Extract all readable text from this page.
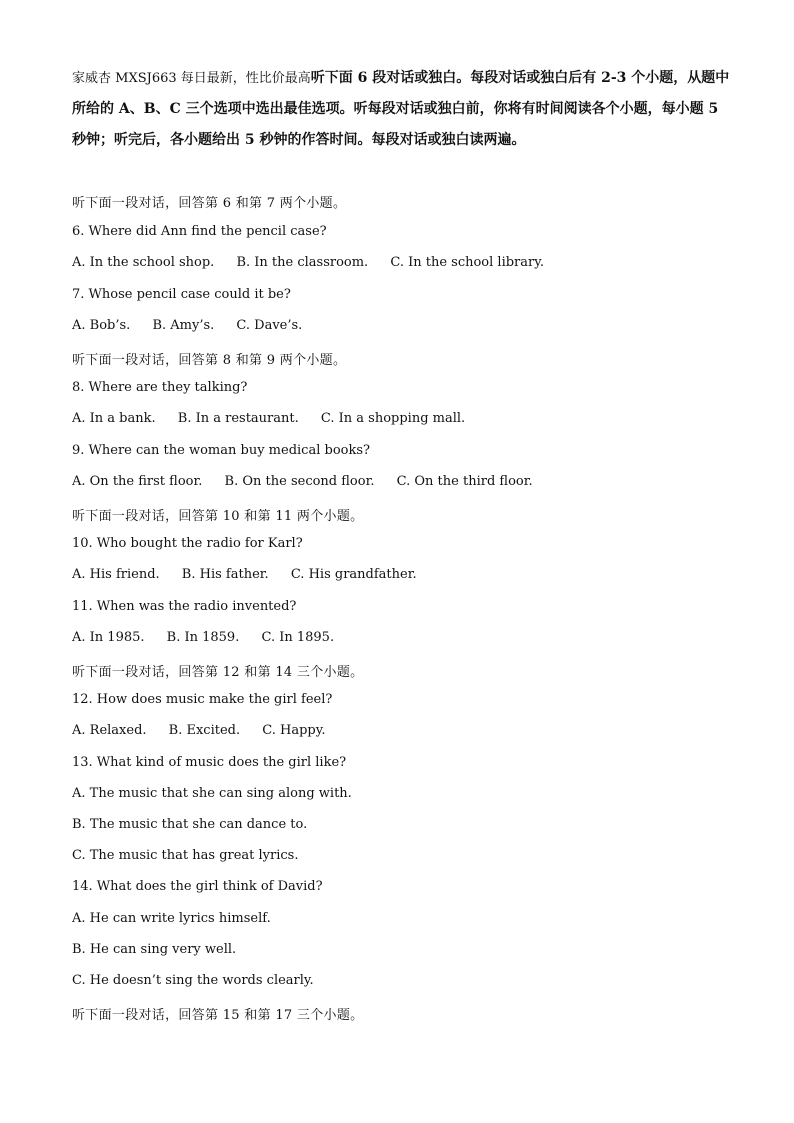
家威杏 MXSJ663 每日最新，性比价最高听下面 6 段对话或独白。每段对话或独白后有 2-3 个小题，从题中所给的 A、B、C 三个选项中选出最佳选项。听每段对话或独白前，你将有时间阅读各个小题，每小题 5 秒钟；听完后，各小题给出 5 秒钟的作答时间。每段对话或独白读两遍。
听下面一段对话，回答第 6 和第 7 两个小题。
6. Where did Ann find the pencil case?
A. In the school shop. B. In the classroom. C. In the school library.
7. Whose pencil case could it be?
A. Bob’s. B. Amy’s. C. Dave’s.
听下面一段对话，回答第 8 和第 9 两个小题。
8. Where are they talking?
A. In a bank. B. In a restaurant. C. In a shopping mall.
9. Where can the woman buy medical books?
A. On the first floor. B. On the second floor. C. On the third floor.
听下面一段对话，回答第 10 和第 11 两个小题。
10. Who bought the radio for Karl?
A. His friend. B. His father. C. His grandfather.
11. When was the radio invented?
A. In 1985. B. In 1859. C. In 1895.
听下面一段对话，回答第 12 和第 14 三个小题。
12. How does music make the girl feel?
A. Relaxed. B. Excited. C. Happy.
13. What kind of music does the girl like?
A. The music that she can sing along with.
B. The music that she can dance to.
C. The music that has great lyrics.
14. What does the girl think of David?
A. He can write lyrics himself.
B. He can sing very well.
C. He doesn’t sing the words clearly.
听下面一段对话，回答第 15 和第 17 三个小题。
